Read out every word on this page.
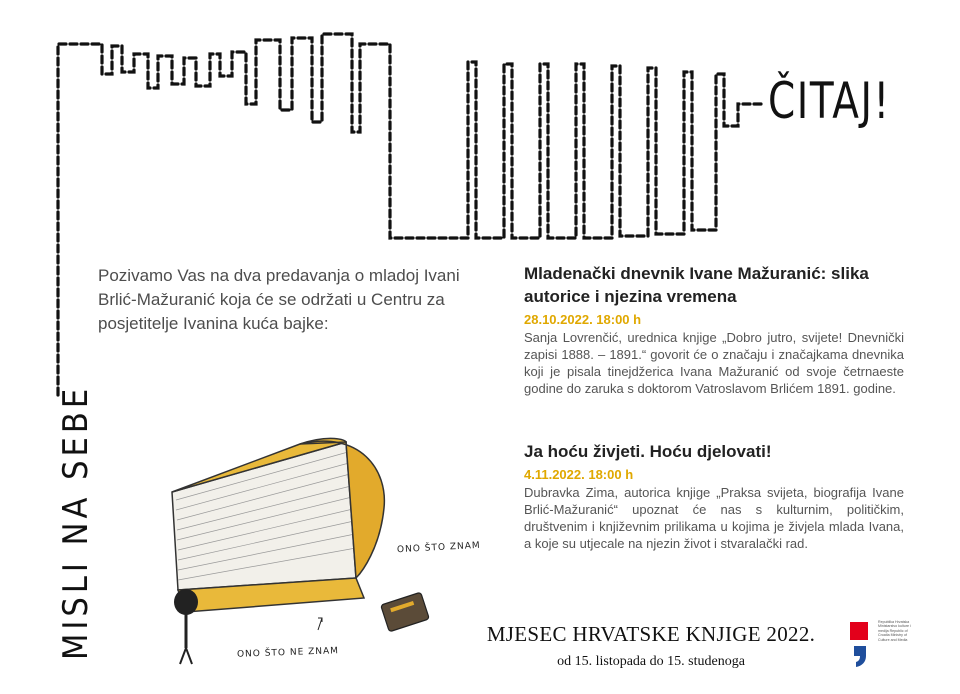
MISLI NA SEBE
ČITAJ!
Pozivamo Vas na dva predavanja o mladoj Ivani Brlić-Mažuranić koja će se održati u Centru za posjetitelje Ivanina kuća bajke:
Mladenački dnevnik Ivane Mažuranić: slika autorice i njezina vremena
28.10.2022. 18:00 h
Sanja Lovrenčić, urednica knjige „Dobro jutro, svijete! Dnevnički zapisi 1888. – 1891.“ govorit će o značaju i značajkama dnevnika koji je pisala tinejdžerica Ivana Mažuranić od svoje četrnaeste godine do zaruka s doktorom Vatroslavom Brlićem 1891. godine.
Ja hoću živjeti. Hoću djelovati!
4.11.2022. 18:00 h
Dubravka Zima, autorica knjige „Praksa svijeta, biografija Ivane Brlić-Mažuranić“ upoznat će nas s kulturnim, političkim, društvenim i književnim prilikama u kojima je živjela mlada Ivana, a koje su utjecale na njezin život i stvaralački rad.
ONO ŠTO ZNAM
ONO ŠTO NE ZNAM
MJESEC HRVATSKE KNJIGE 2022.
od 15. listopada do 15. studenoga
Republika Hrvatska Ministarstvo kulture i medija Republic of Croatia Ministry of Culture and Media
